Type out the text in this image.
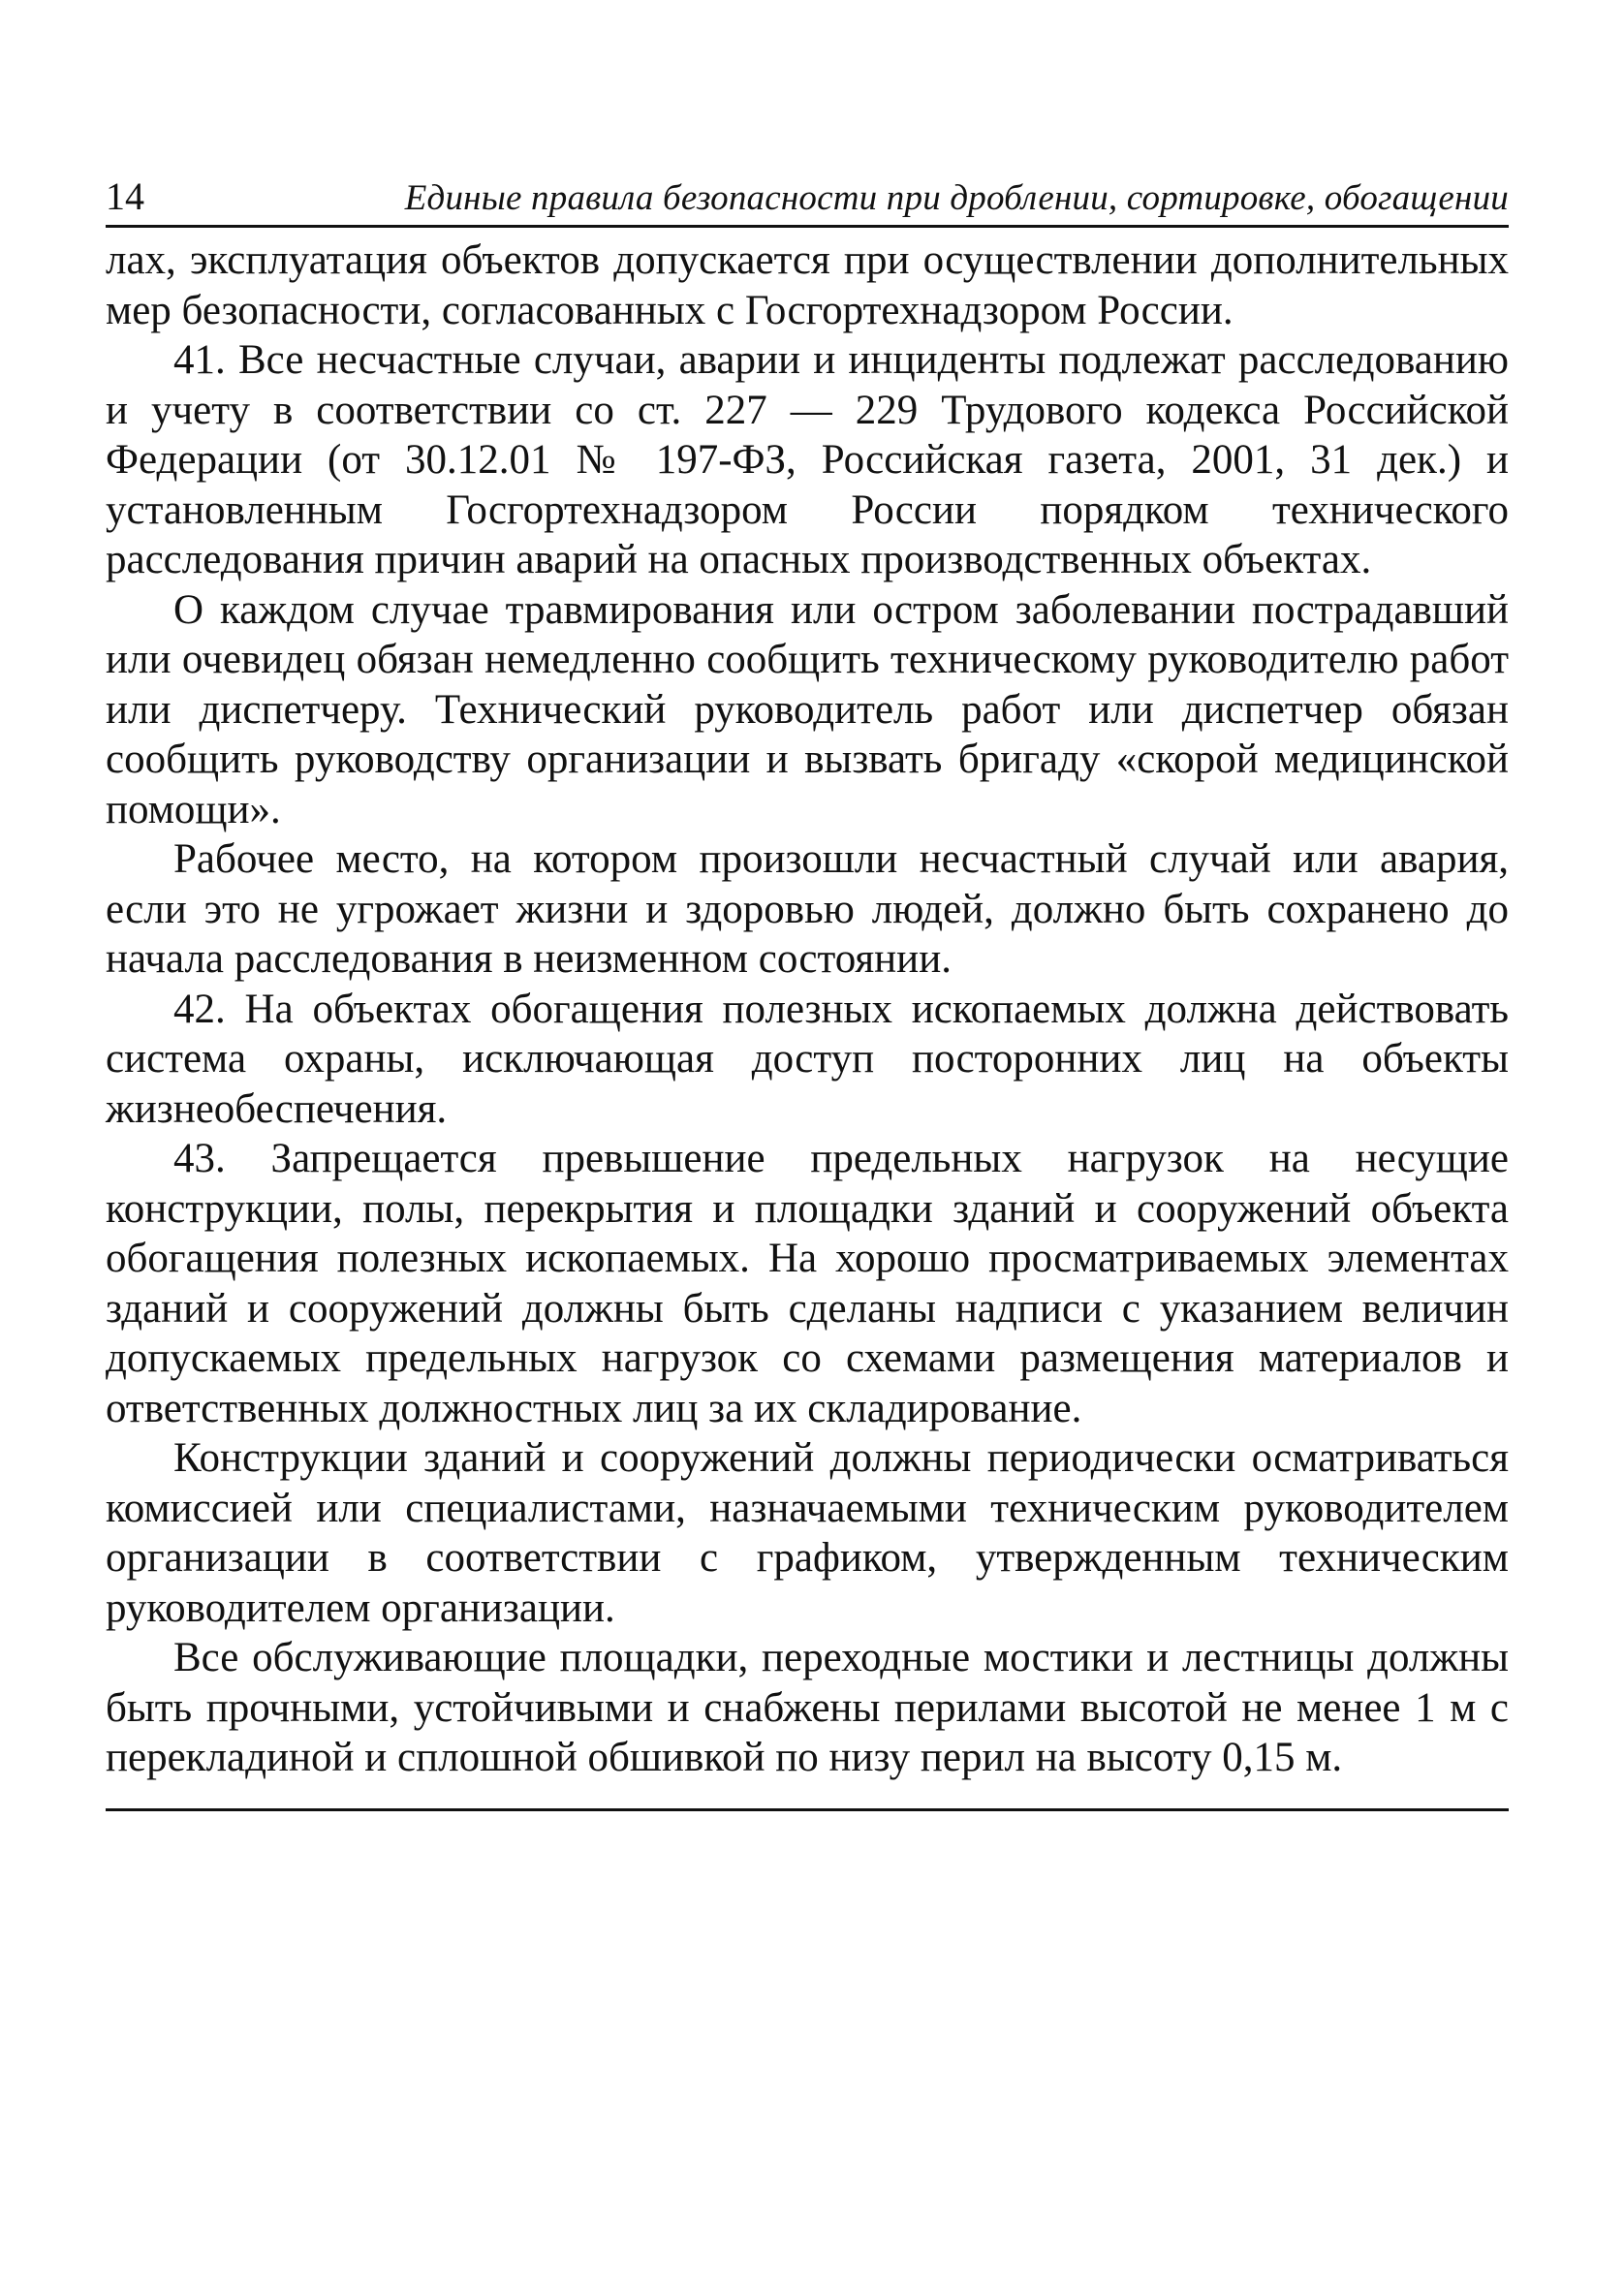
14	Единые правила безопасности при дроблении, сортировке, обогащении

лах, эксплуатация объектов допускается при осуществлении дополнительных мер безопасности, согласованных с Госгортехнадзором России.

41. Все несчастные случаи, аварии и инциденты подлежат расследованию и учету в соответствии со ст. 227 — 229 Трудового кодекса Российской Федерации (от 30.12.01 № 197-ФЗ, Российская газета, 2001, 31 дек.) и установленным Госгортехнадзором России порядком технического расследования причин аварий на опасных производственных объектах.

О каждом случае травмирования или остром заболевании пострадавший или очевидец обязан немедленно сообщить техническому руководителю работ или диспетчеру. Технический руководитель работ или диспетчер обязан сообщить руководству организации и вызвать бригаду «скорой медицинской помощи».

Рабочее место, на котором произошли несчастный случай или авария, если это не угрожает жизни и здоровью людей, должно быть сохранено до начала расследования в неизменном состоянии.

42. На объектах обогащения полезных ископаемых должна действовать система охраны, исключающая доступ посторонних лиц на объекты жизнеобеспечения.

43. Запрещается превышение предельных нагрузок на несущие конструкции, полы, перекрытия и площадки зданий и сооружений объекта обогащения полезных ископаемых. На хорошо просматриваемых элементах зданий и сооружений должны быть сделаны надписи с указанием величин допускаемых предельных нагрузок со схемами размещения материалов и ответственных должностных лиц за их складирование.

Конструкции зданий и сооружений должны периодически осматриваться комиссией или специалистами, назначаемыми техническим руководителем организации в соответствии с графиком, утвержденным техническим руководителем организации.

Все обслуживающие площадки, переходные мостики и лестницы должны быть прочными, устойчивыми и снабжены перилами высотой не менее 1 м с перекладиной и сплошной обшивкой по низу перил на высоту 0,15 м.
